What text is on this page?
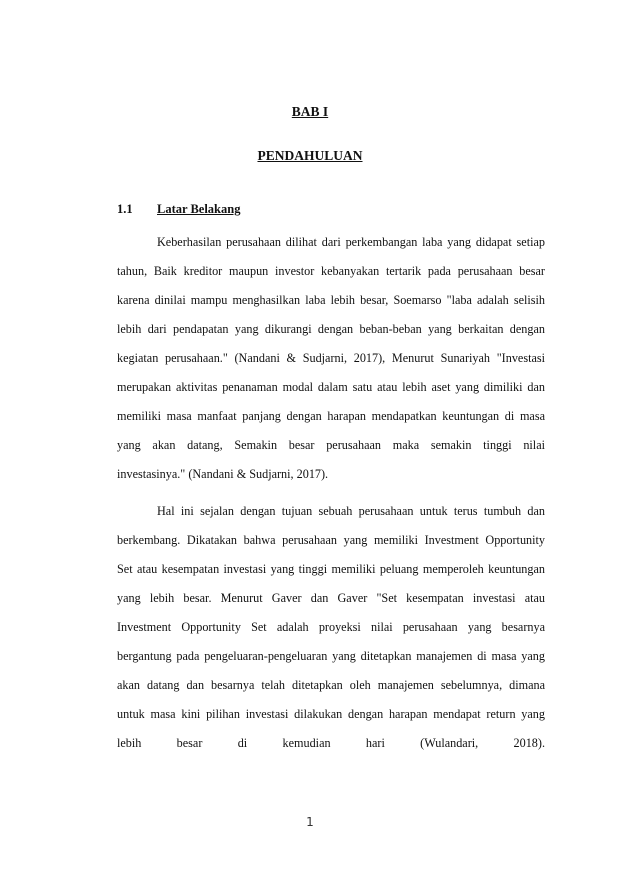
BAB I
PENDAHULUAN
1.1 Latar Belakang
Keberhasilan perusahaan dilihat dari perkembangan laba yang didapat setiap
tahun, Baik kreditor maupun investor kebanyakan tertarik pada perusahaan besar
karena dinilai mampu menghasilkan laba lebih besar, Soemarso "laba adalah selisih
lebih dari pendapatan yang dikurangi dengan beban-beban yang berkaitan dengan
kegiatan perusahaan." (Nandani & Sudjarni, 2017), Menurut Sunariyah "Investasi
merupakan aktivitas penanaman modal dalam satu atau lebih aset yang dimiliki dan
memiliki masa manfaat panjang dengan harapan mendapatkan keuntungan di masa
yang akan datang, Semakin besar perusahaan maka semakin tinggi nilai
investasinya." (Nandani & Sudjarni, 2017).
Hal ini sejalan dengan tujuan sebuah perusahaan untuk terus tumbuh dan
berkembang. Dikatakan bahwa perusahaan yang memiliki Investment Opportunity
Set atau kesempatan investasi yang tinggi memiliki peluang memperoleh keuntungan
yang lebih besar. Menurut Gaver dan Gaver "Set kesempatan investasi atau
Investment Opportunity Set adalah proyeksi nilai perusahaan yang besarnya
bergantung pada pengeluaran-pengeluaran yang ditetapkan manajemen di masa yang
akan datang dan besarnya telah ditetapkan oleh manajemen sebelumnya, dimana
untuk masa kini pilihan investasi dilakukan dengan harapan mendapat return yang
lebih besar di kemudian hari (Wulandari, 2018).
1
